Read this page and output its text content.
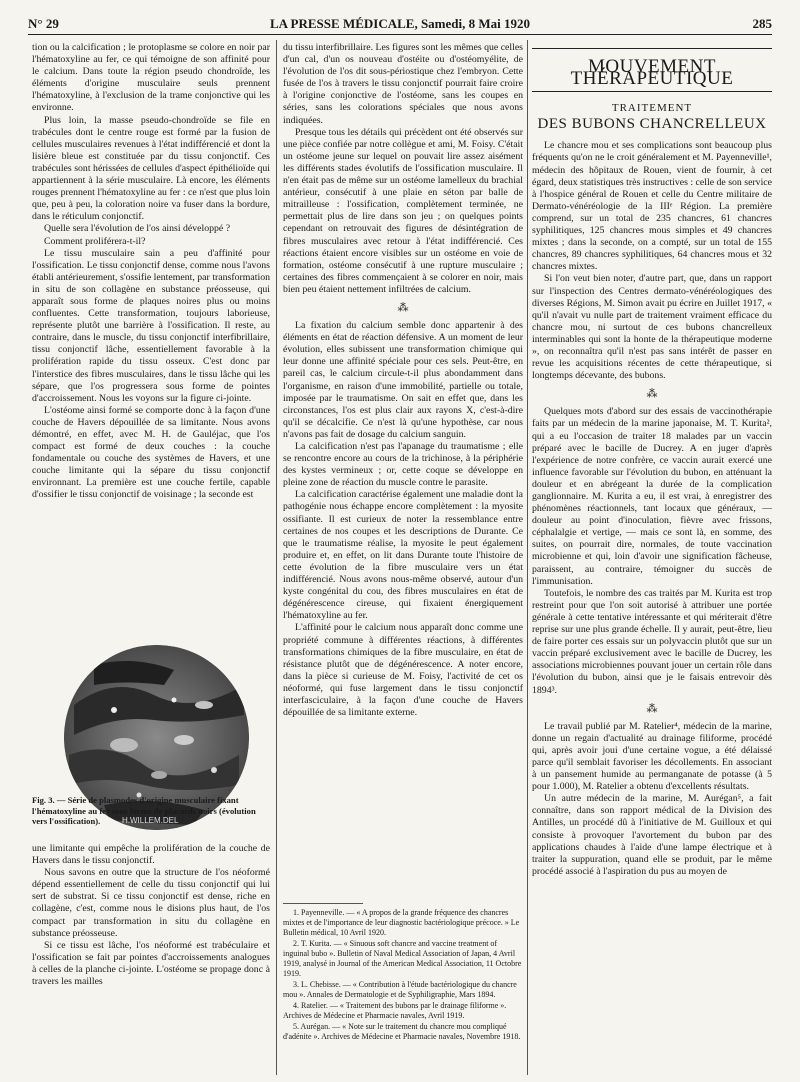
N° 29	LA PRESSE MÉDICALE, Samedi, 8 Mai 1920	285

tion ou la calcification ; le protoplasme se colore en noir par l'hématoxyline au fer, ce qui témoigne de son affinité pour le calcium. Dans toute la région pseudo chondroïde, les éléments d'origine musculaire seuls prennent l'hématoxyline, à l'exclusion de la trame conjonctive qui les environne.

Plus loin, la masse pseudo-chondroïde se file en trabécules dont le centre rouge est formé par la fusion de cellules musculaires revenues à l'état indifférencié et dont la lisière bleue est constituée par du tissu conjonctif. Ces trabécules sont hérissées de cellules d'aspect épithélioïde qui appartiennent à la série musculaire. Là encore, les éléments rouges prennent l'hématoxyline au fer : ce n'est que plus loin que, peu à peu, la coloration noire va fuser dans la bordure, dans le réticulum conjonctif.

Quelle sera l'évolution de l'os ainsi développé ?

Comment proliférera-t-il?

Le tissu musculaire sain a peu d'affinité pour l'ossification. Le tissu conjonctif dense, comme nous l'avons établi antérieurement, s'ossifie lentement, par transformation in situ de son collagène en substance préosseuse, qui apparaît sous forme de plaques noires plus ou moins confluentes. Cette transformation, toujours laborieuse, représente plutôt une barrière à l'ossification. Il reste, au contraire, dans le muscle, du tissu conjonctif interfibrillaire, tissu conjonctif lâche, essentiellement favorable à la prolifération rapide du tissu osseux. C'est donc par l'interstice des fibres musculaires, dans le tissu lâche qui les sépare, que l'os progressera sous forme de pointes d'accroissement. Nous les voyons sur la figure ci-jointe.

L'ostéome ainsi formé se comporte donc à la façon d'une couche de Havers dépouillée de sa limitante. Nous avons démontré, en effet, avec M. H. de Gauléjac, que l'os compact est formé de deux couches : la couche fondamentale ou couche des systèmes de Havers, et une couche limitante qui la sépare du tissu conjonctif environnant. La première est une couche fertile, capable d'ossifier le tissu conjonctif de voisinage ; la seconde est

H.WILLEM.DEL
Fig. 3. — Série de plasmodes d'origine musculaire fixant l'hématoxyline au fer sous forme de placards noirs (évolution vers l'ossification).

une limitante qui empêche la prolifération de la couche de Havers dans le tissu conjonctif.

Nous savons en outre que la structure de l'os néoformé dépend essentiellement de celle du tissu conjonctif qui lui sert de substrat. Si ce tissu conjonctif est dense, riche en collagène, c'est, comme nous le disions plus haut, de l'os compact par transformation in situ du collagène en substance préosseuse.

Si ce tissu est lâche, l'os néoformé est trabéculaire et l'ossification se fait par pointes d'accroissements analogues à celles de la planche ci-jointe. L'ostéome se propage donc à travers les mailles

du tissu interfibrillaire. Les figures sont les mêmes que celles d'un cal, d'un os nouveau d'ostéite ou d'ostéomyélite, de l'évolution de l'os dit sous-périostique chez l'embryon. Cette fusée de l'os à travers le tissu conjonctif pourrait faire croire à l'origine conjonctive de l'ostéome, sans les coupes en séries, sans les colorations spéciales que nous avons indiquées.

Presque tous les détails qui précèdent ont été observés sur une pièce confiée par notre collègue et ami, M. Foisy. C'était un ostéome jeune sur lequel on pouvait lire assez aisément les différents stades évolutifs de l'ossification musculaire. Il n'en était pas de même sur un ostéome lamelleux du brachial antérieur, consécutif à une plaie en séton par balle de mitrailleuse : l'ossification, complètement terminée, ne permettait plus de lire dans son jeu ; on quelques points cependant on retrouvait des figures de désintégration de fibres musculaires avec retour à l'état indifférencié. Ces réactions étaient encore visibles sur un ostéome en voie de formation, ostéome consécutif à une rupture musculaire ; certaines des fibres commençaient à se colorer en noir, mais bien peu étaient nettement infiltrées de calcium.

⁂

La fixation du calcium semble donc appartenir à des éléments en état de réaction défensive. A un moment de leur évolution, elles subissent une transformation chimique qui leur donne une affinité spéciale pour ces sels. Peut-être, en pareil cas, le calcium circule-t-il plus abondamment dans l'organisme, en raison d'une immobilité, partielle ou totale, imposée par le traumatisme. On sait en effet que, dans les circonstances, l'os est plus clair aux rayons X, c'est-à-dire qu'il se décalcifie. Ce n'est là qu'une hypothèse, car nous n'avons pas fait de dosage du calcium sanguin.

La calcification n'est pas l'apanage du traumatisme ; elle se rencontre encore au cours de la trichinose, à la périphérie des kystes vermineux ; or, cette coque se développe en pleine zone de réaction du muscle contre le parasite.

La calcification caractérise également une maladie dont la pathogénie nous échappe encore complètement : la myosite ossifiante. Il est curieux de noter la ressemblance entre certaines de nos coupes et les descriptions de Durante. Ce que le traumatisme réalise, la myosite le peut également produire et, en effet, on lit dans Durante toute l'histoire de cette évolution de la fibre musculaire vers un état indifférencié. Nous avons nous-même observé, autour d'un kyste congénital du cou, des fibres musculaires en état de dégénérescence cireuse, qui fixaient énergiquement l'hématoxyline au fer.

L'affinité pour le calcium nous apparaît donc comme une propriété commune à différentes réactions, à différentes transformations chimiques de la fibre musculaire, en état de résistance plutôt que de dégénérescence. A noter encore, dans la pièce si curieuse de M. Foisy, l'activité de cet os néoformé, qui fuse largement dans le tissu conjonctif interfasciculaire, à la façon d'une couche de Havers dépouillée de sa limitante externe.

1. Payenneville. — « A propos de la grande fréquence des chancres mixtes et de l'importance de leur diagnostic bactériologique précoce. » Le Bulletin médical, 10 Avril 1920.

2. T. Kurita. — « Sinuous soft chancre and vaccine treatment of inguinal bubo ». Bulletin of Naval Medical Association of Japan, 4 Avril 1919, analysé in Journal of the American Medical Association, 11 Octobre 1919.

3. L. Chebisse. — « Contribution à l'étude bactériologique du chancre mou ». Annales de Dermatologie et de Syphiligraphie, Mars 1894.

4. Ratelier. — « Traitement des bubons par le drainage filiforme ». Archives de Médecine et Pharmacie navales, Avril 1919.

5. Aurégan. — « Note sur le traitement du chancre mou compliqué d'adénite ». Archives de Médecine et Pharmacie navales, Novembre 1918.

MOUVEMENT THÉRAPEUTIQUE
TRAITEMENT
DES BUBONS CHANCRELLEUX

Le chancre mou et ses complications sont beaucoup plus fréquents qu'on ne le croit généralement et M. Payenneville¹, médecin des hôpitaux de Rouen, vient de fournir, à cet égard, deux statistiques très instructives : celle de son service à l'hospice général de Rouen et celle du Centre militaire de Dermato-vénéréologie de la IIIᵉ Région. La première comprend, sur un total de 235 chancres, 61 chancres syphilitiques, 125 chancres mous simples et 49 chancres mixtes ; dans la seconde, on a compté, sur un total de 155 chancres, 89 chancres syphilitiques, 64 chancres mous et 32 chancres mixtes.

Si l'on veut bien noter, d'autre part, que, dans un rapport sur l'inspection des Centres dermato-vénéréologiques des diverses Régions, M. Simon avait pu écrire en Juillet 1917, « qu'il n'avait vu nulle part de traitement vraiment efficace du chancre mou, ni surtout de ces bubons chancrelleux interminables qui sont la honte de la thérapeutique moderne », on reconnaîtra qu'il n'est pas sans intérêt de passer en revue les acquisitions récentes de cette thérapeutique, si longtemps décevante, des bubons.

⁂

Quelques mots d'abord sur des essais de vaccinothérapie faits par un médecin de la marine japonaise, M. T. Kurita², qui a eu l'occasion de traiter 18 malades par un vaccin préparé avec le bacille de Ducrey. A en juger d'après l'expérience de notre confrère, ce vaccin aurait exercé une influence favorable sur l'évolution du bubon, en atténuant la douleur et en abrégeant la durée de la complication ganglionnaire. M. Kurita a eu, il est vrai, à enregistrer des phénomènes réactionnels, tant locaux que généraux, — douleur au point d'inoculation, fièvre avec frissons, céphalalgie et vertige, — mais ce sont là, en somme, des suites, on pourrait dire, normales, de toute vaccination microbienne et qui, loin d'avoir une signification fâcheuse, paraissent, au contraire, témoigner du succès de l'immunisation.

Toutefois, le nombre des cas traités par M. Kurita est trop restreint pour que l'on soit autorisé à attribuer une portée générale à cette tentative intéressante et qui mériterait d'être reprise sur une plus grande échelle. Il y aurait, peut-être, lieu de faire porter ces essais sur un polyvaccin plutôt que sur un vaccin préparé exclusivement avec le bacille de Ducrey, les associations microbiennes pouvant jouer un certain rôle dans l'évolution du bubon, ainsi que je le faisais entrevoir dès 1894³.

⁂

Le travail publié par M. Ratelier⁴, médecin de la marine, donne un regain d'actualité au drainage filiforme, procédé qui, après avoir joui d'une certaine vogue, a été délaissé parce qu'il semblait favoriser les décollements. En associant à un pansement humide au permanganate de potasse (à 5 pour 1.000), M. Ratelier a obtenu d'excellents résultats.

Un autre médecin de la marine, M. Aurégan⁵, a fait connaître, dans son rapport médical de la Division des Antilles, un procédé dû à l'initiative de M. Guilloux et qui consiste à provoquer l'avortement du bubon par des applications chaudes à l'aide d'une lampe électrique et à traiter la suppuration, quand elle se produit, par le même procédé associé à l'aspiration du pus au moyen de
